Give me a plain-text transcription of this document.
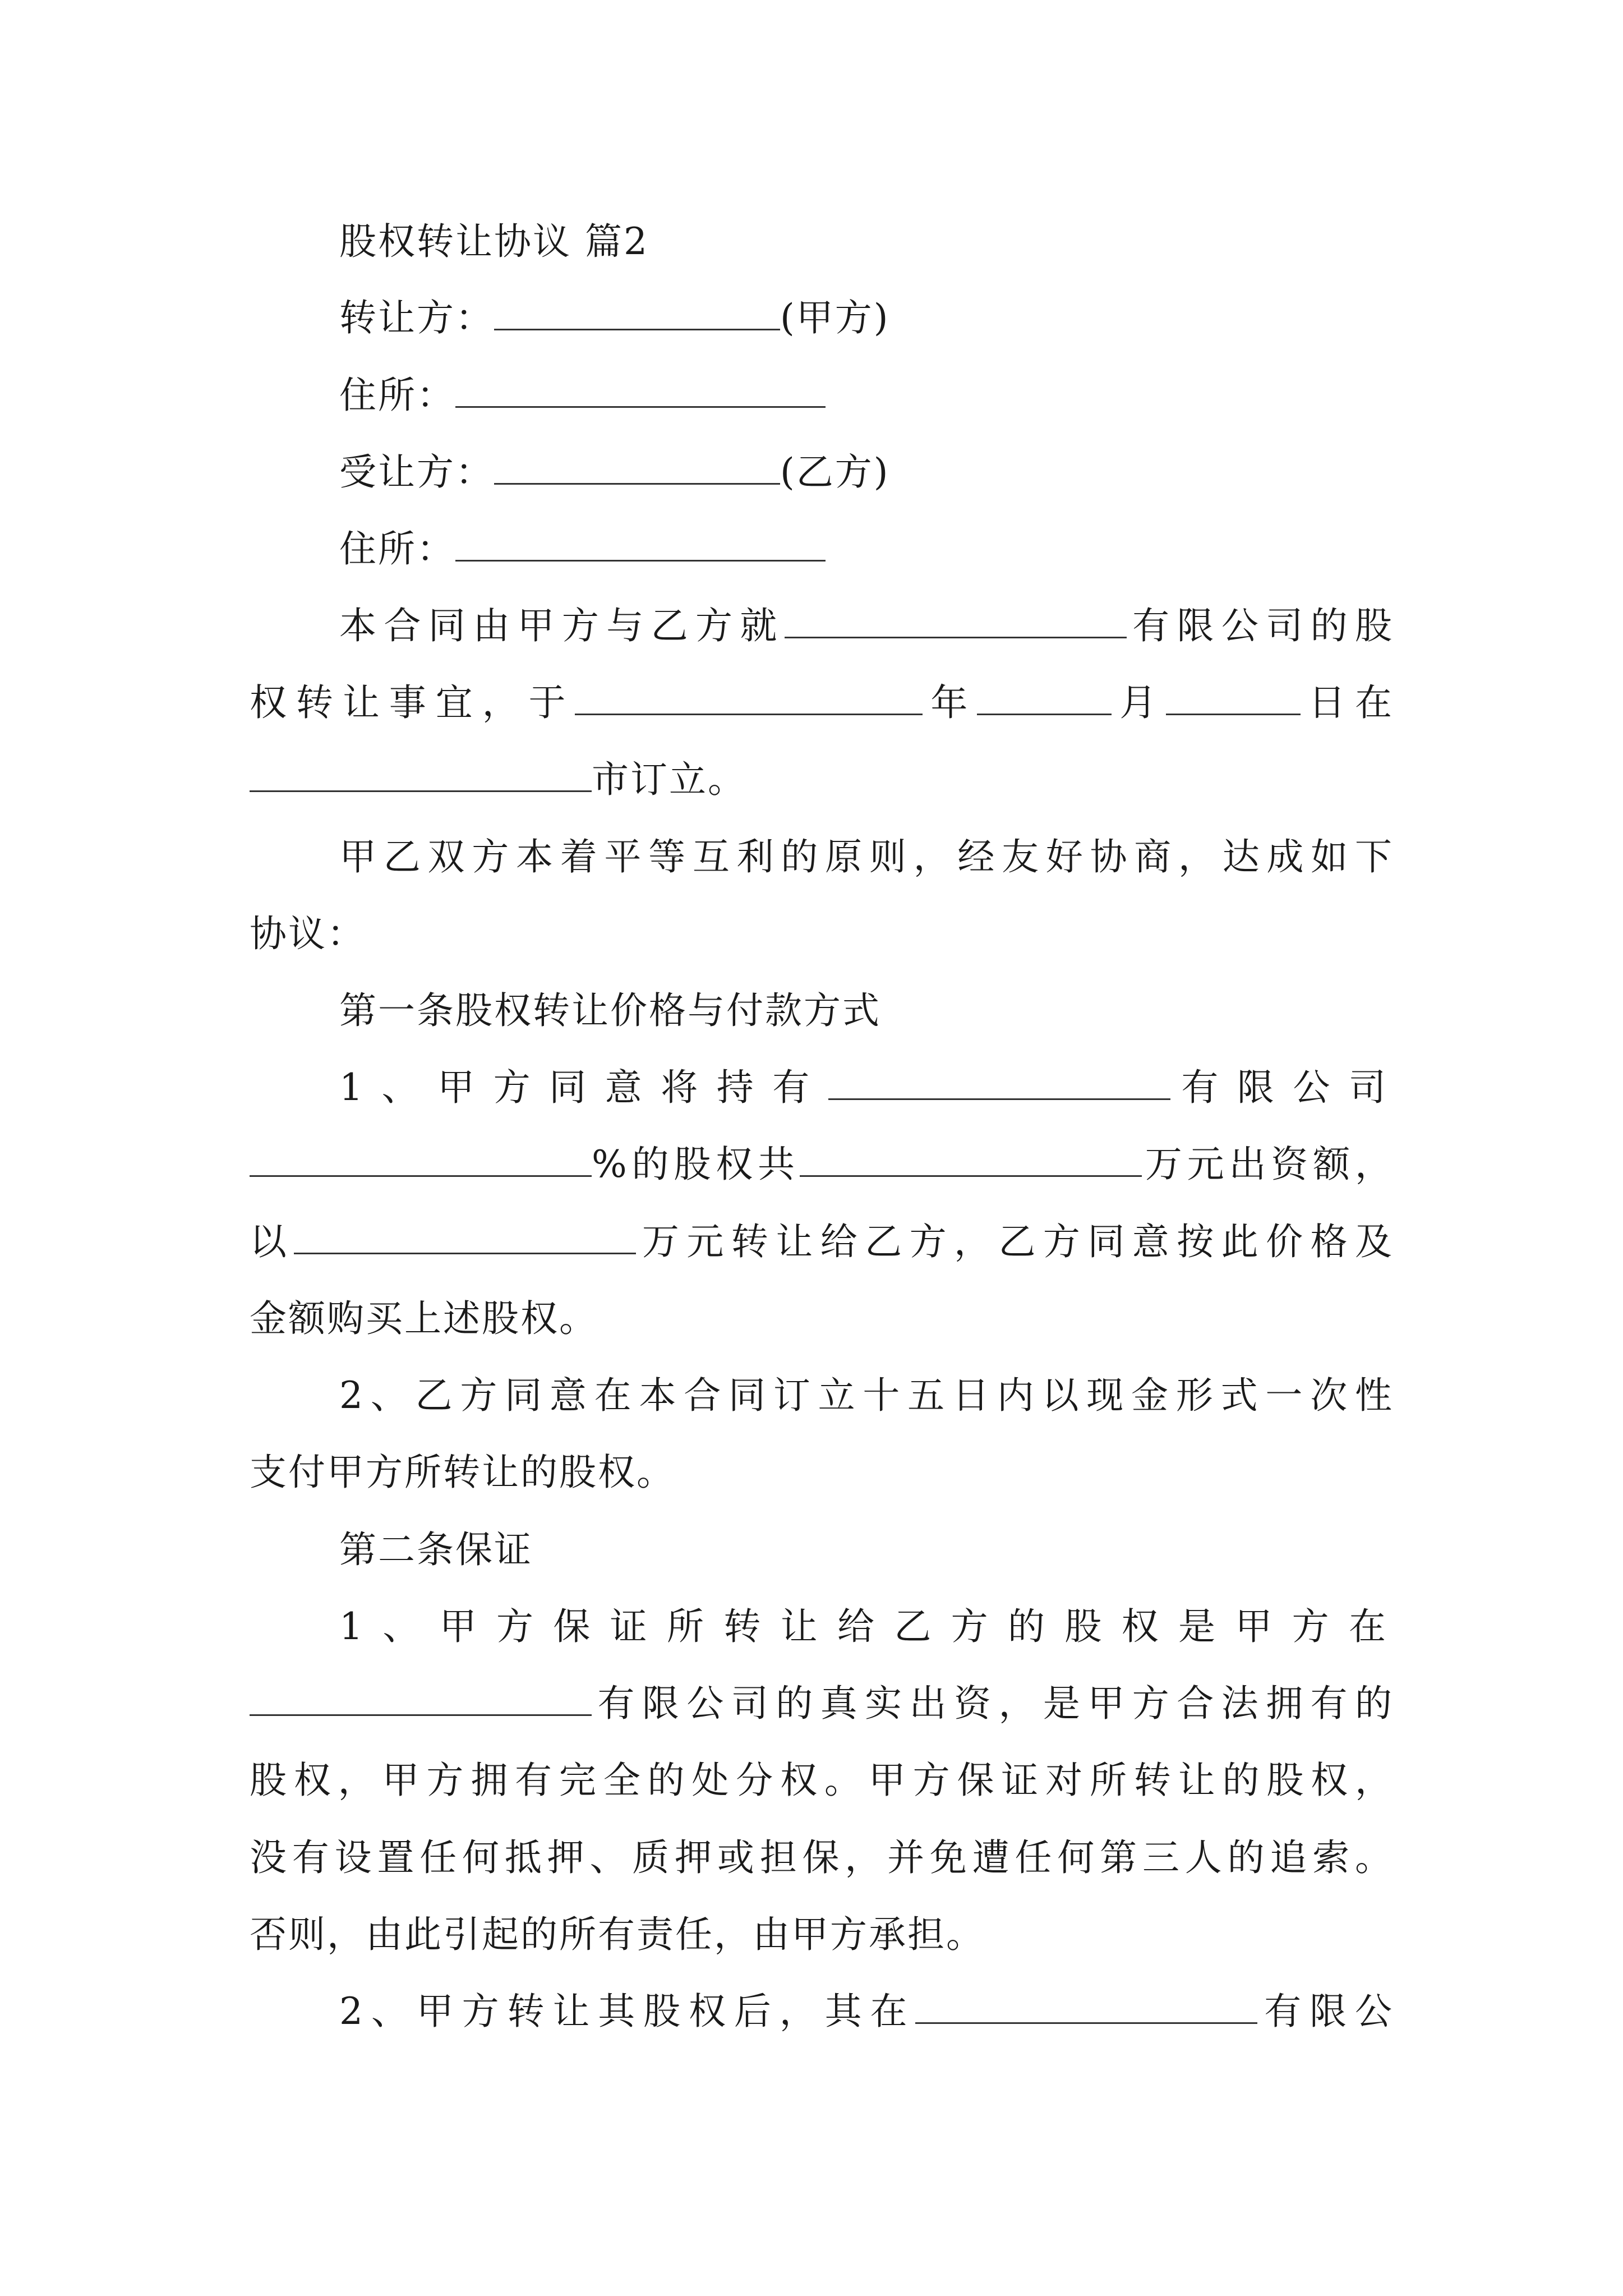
股权转让协议 篇2
转让方：	(甲方)
住所：
受让方：	(乙方)
住所：
本合同由甲方与乙方就	有限公司的股
权转让事宜，于	年	月	日在
市订立。
甲乙双方本着平等互利的原则，经友好协商，达成如下
协议：
第一条股权转让价格与付款方式
1、甲方同意将持有	有限公司
%的股权共	万元出资额，
以	万元转让给乙方，乙方同意按此价格及
金额购买上述股权。
2、乙方同意在本合同订立十五日内以现金形式一次性
支付甲方所转让的股权。
第二条保证
1、甲方保证所转让给乙方的股权是甲方在
有限公司的真实出资，是甲方合法拥有的
股权，甲方拥有完全的处分权。甲方保证对所转让的股权，
没有设置任何抵押、质押或担保，并免遭任何第三人的追索。
否则，由此引起的所有责任，由甲方承担。
2、甲方转让其股权后，其在	有限公
